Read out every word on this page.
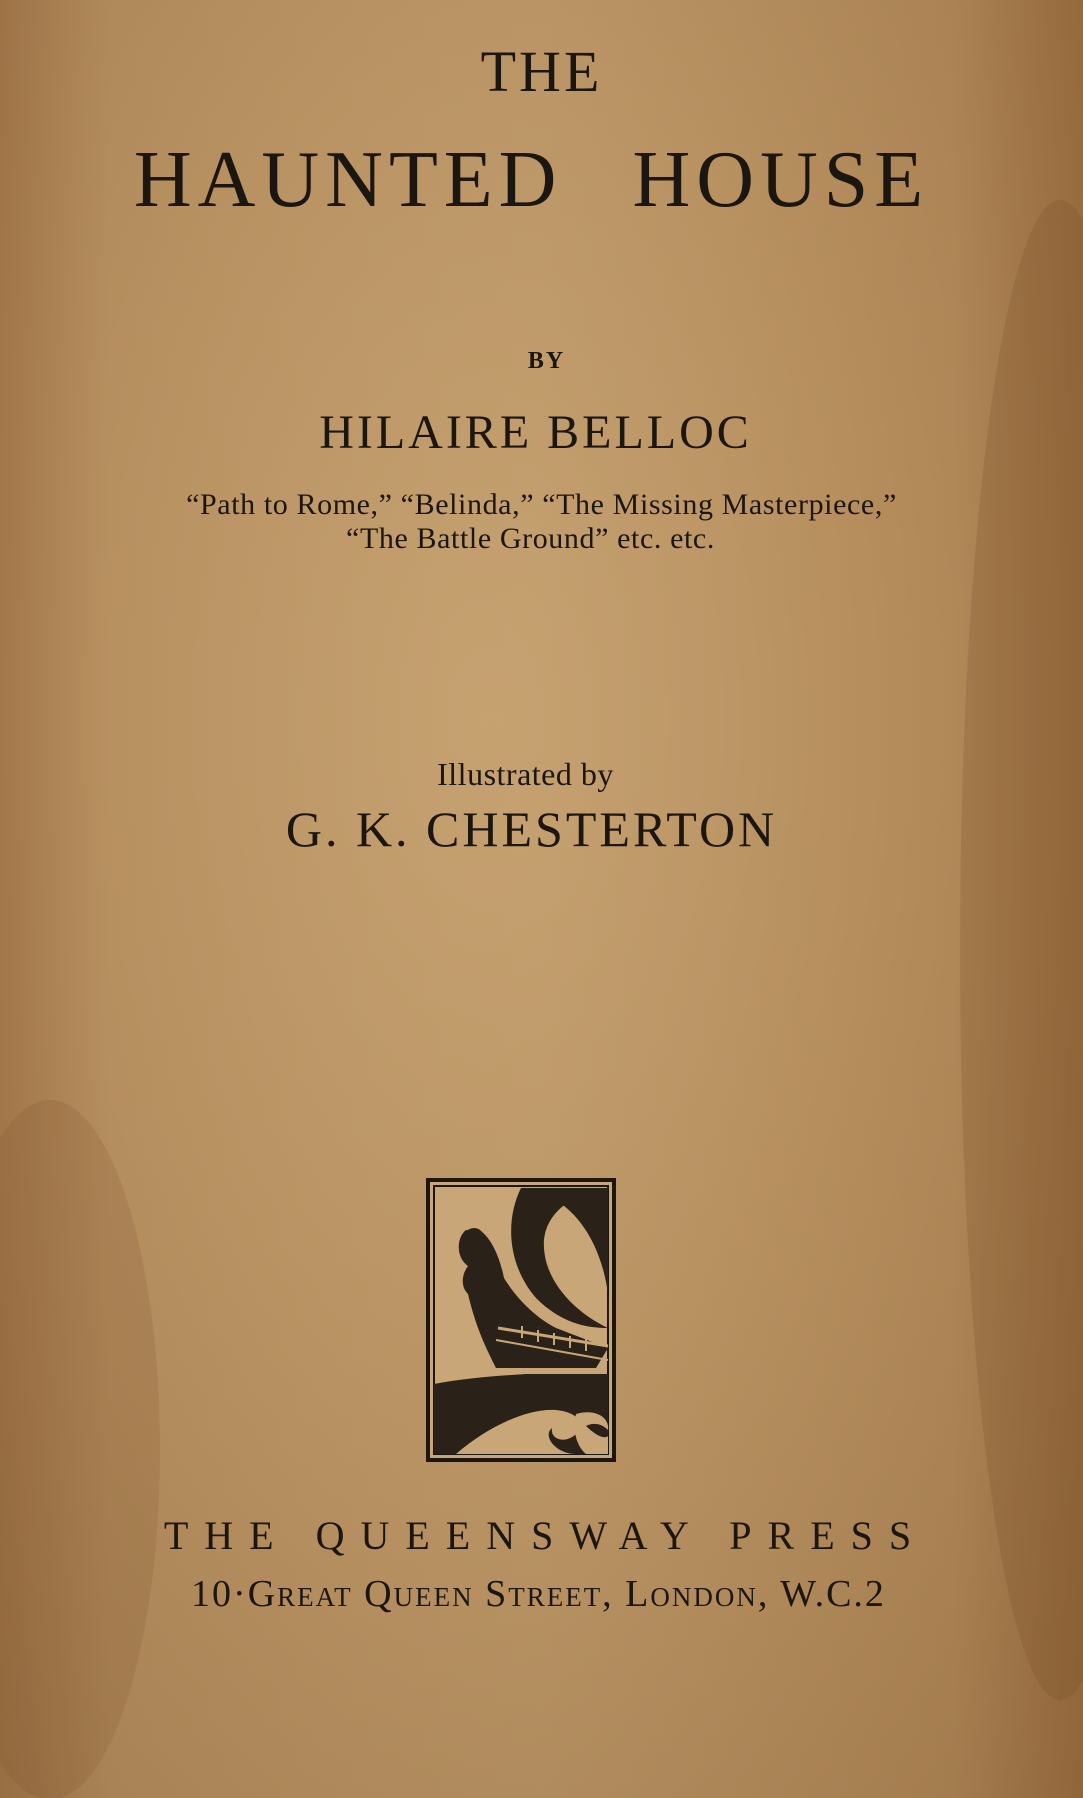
THE
HAUNTED HOUSE
BY
HILAIRE BELLOC
“Path to Rome,” “Belinda,” “The Missing Masterpiece,”
“The Battle Ground” etc. etc.
Illustrated by
G. K. CHESTERTON
THE QUEENSWAY PRESS
10·Great Queen Street, London, W.C.2
